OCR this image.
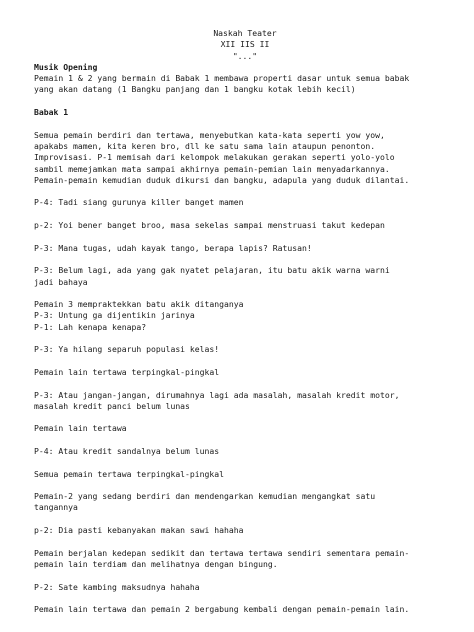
Naskah Teater
XII IIS II
"..."
Musik Opening
Pemain 1 & 2 yang bermain di Babak 1 membawa properti dasar untuk semua babak
yang akan datang (1 Bangku panjang dan 1 bangku kotak lebih kecil)
Babak 1
Semua pemain berdiri dan tertawa, menyebutkan kata-kata seperti yow yow,
apakabs mamen, kita keren bro, dll ke satu sama lain ataupun penonton.
Improvisasi. P-1 memisah dari kelompok melakukan gerakan seperti yolo-yolo
sambil memejamkan mata sampai akhirnya pemain-pemian lain menyadarkannya.
Pemain-pemain kemudian duduk dikursi dan bangku, adapula yang duduk dilantai.
P-4: Tadi siang gurunya killer banget mamen
p-2: Yoi bener banget broo, masa sekelas sampai menstruasi takut kedepan
P-3: Mana tugas, udah kayak tango, berapa lapis? Ratusan!
P-3: Belum lagi, ada yang gak nyatet pelajaran, itu batu akik warna warni
jadi bahaya
Pemain 3 mempraktekkan batu akik ditanganya
P-3: Untung ga dijentikin jarinya
P-1: Lah kenapa kenapa?
P-3: Ya hilang separuh populasi kelas!
Pemain lain tertawa terpingkal-pingkal
P-3: Atau jangan-jangan, dirumahnya lagi ada masalah, masalah kredit motor,
masalah kredit panci belum lunas
Pemain lain tertawa
P-4: Atau kredit sandalnya belum lunas
Semua pemain tertawa terpingkal-pingkal
Pemain-2 yang sedang berdiri dan mendengarkan kemudian mengangkat satu
tangannya
p-2: Dia pasti kebanyakan makan sawi hahaha
Pemain berjalan kedepan sedikit dan tertawa tertawa sendiri sementara pemain-
pemain lain terdiam dan melihatnya dengan bingung.
P-2: Sate kambing maksudnya hahaha
Pemain lain tertawa dan pemain 2 bergabung kembali dengan pemain-pemain lain.
